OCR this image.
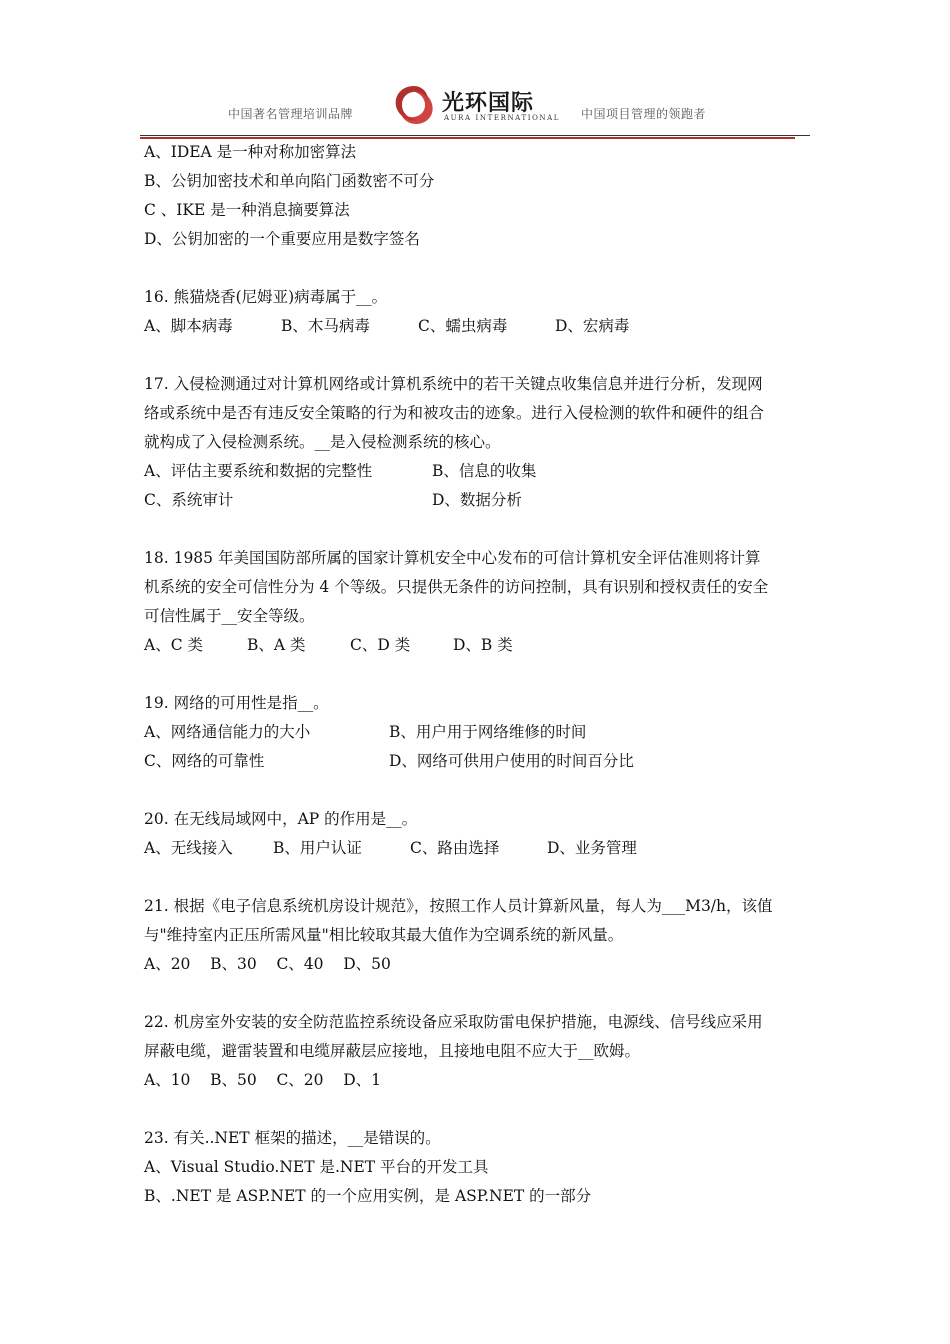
中国著名管理培训品牌	光环国际
AURA INTERNATIONAL 中国项目管理的领跑者
A、IDEA 是一种对称加密算法
B、公钥加密技术和单向陷门函数密不可分
C 、IKE 是一种消息摘要算法
D、公钥加密的一个重要应用是数字签名
16. 熊猫烧香(尼姆亚)病毒属于__。
A、脚本病毒	B、木马病毒	C、蠕虫病毒	D、宏病毒
17. 入侵检测通过对计算机网络或计算机系统中的若干关键点收集信息并进行分析，发现网
络或系统中是否有违反安全策略的行为和被攻击的迹象。进行入侵检测的软件和硬件的组合
就构成了入侵检测系统。__是入侵检测系统的核心。
A、评估主要系统和数据的完整性	B、信息的收集
C、系统审计	D、数据分析
18. 1985 年美国国防部所属的国家计算机安全中心发布的可信计算机安全评估准则将计算
机系统的安全可信性分为 4 个等级。只提供无条件的访问控制，具有识别和授权责任的安全
可信性属于__安全等级。
A、C 类	B、A 类	C、D 类	D、B 类
19. 网络的可用性是指__。
A、网络通信能力的大小	B、用户用于网络维修的时间
C、网络的可靠性	D、网络可供用户使用的时间百分比
20. 在无线局域网中，AP 的作用是__。
A、无线接入	B、用户认证	C、路由选择	D、业务管理
21. 根据《电子信息系统机房设计规范》，按照工作人员计算新风量，每人为___M3/h，该值
与"维持室内正压所需风量"相比较取其最大值作为空调系统的新风量。
A、20    B、30    C、40    D、50
22. 机房室外安装的安全防范监控系统设备应采取防雷电保护措施，电源线、信号线应采用
屏蔽电缆，避雷装置和电缆屏蔽层应接地，且接地电阻不应大于__欧姆。
A、10    B、50    C、20    D、1
23. 有关..NET 框架的描述，__是错误的。
A、Visual Studio.NET 是.NET 平台的开发工具
B、.NET 是 ASP.NET 的一个应用实例，是 ASP.NET 的一部分
